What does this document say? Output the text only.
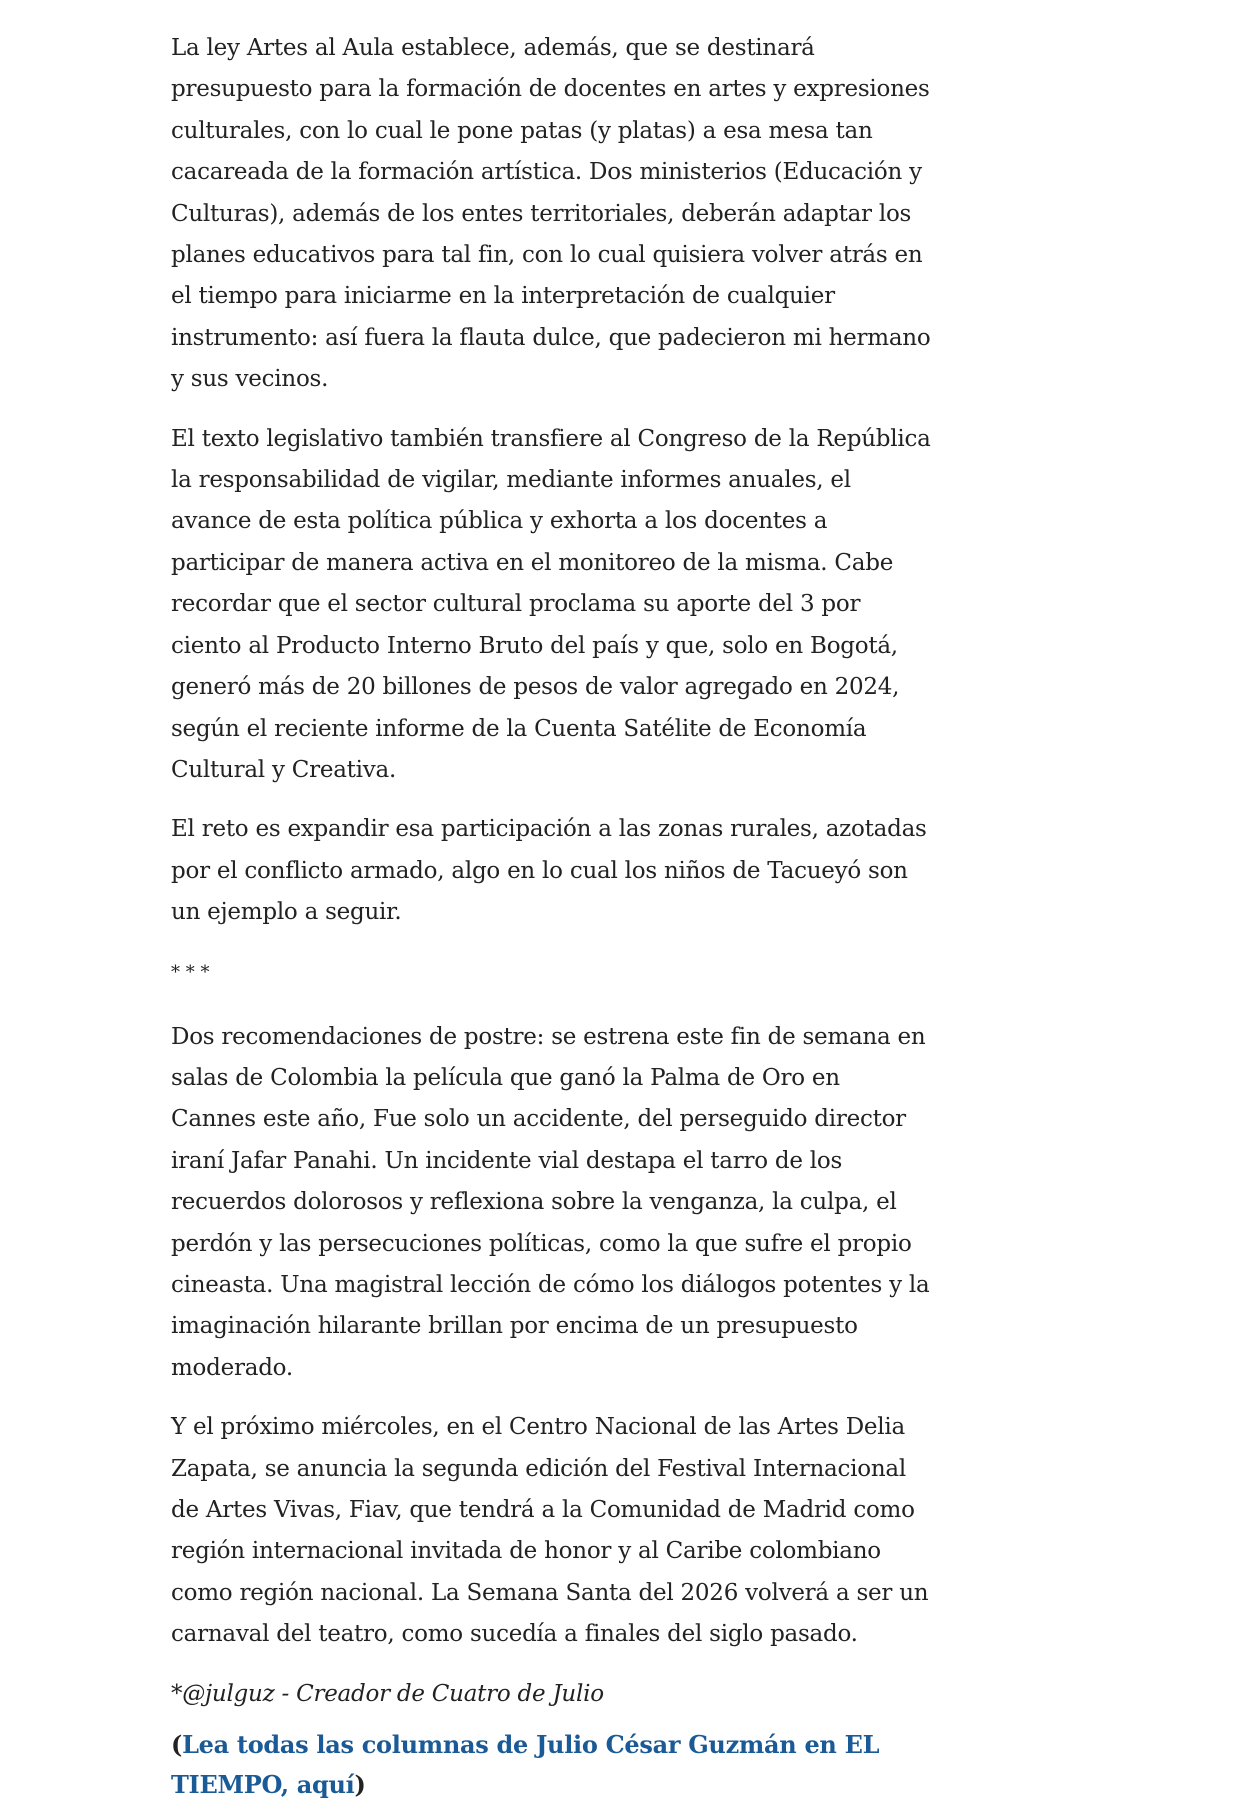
La ley Artes al Aula establece, además, que se destinará presupuesto para la formación de docentes en artes y expresiones culturales, con lo cual le pone patas (y platas) a esa mesa tan cacareada de la formación artística. Dos ministerios (Educación y Culturas), además de los entes territoriales, deberán adaptar los planes educativos para tal fin, con lo cual quisiera volver atrás en el tiempo para iniciarme en la interpretación de cualquier instrumento: así fuera la flauta dulce, que padecieron mi hermano y sus vecinos.

El texto legislativo también transfiere al Congreso de la República la responsabilidad de vigilar, mediante informes anuales, el avance de esta política pública y exhorta a los docentes a participar de manera activa en el monitoreo de la misma. Cabe recordar que el sector cultural proclama su aporte del 3 por ciento al Producto Interno Bruto del país y que, solo en Bogotá, generó más de 20 billones de pesos de valor agregado en 2024, según el reciente informe de la Cuenta Satélite de Economía Cultural y Creativa.

El reto es expandir esa participación a las zonas rurales, azotadas por el conflicto armado, algo en lo cual los niños de Tacueyó son un ejemplo a seguir.

* * *

Dos recomendaciones de postre: se estrena este fin de semana en salas de Colombia la película que ganó la Palma de Oro en Cannes este año, Fue solo un accidente, del perseguido director iraní Jafar Panahi. Un incidente vial destapa el tarro de los recuerdos dolorosos y reflexiona sobre la venganza, la culpa, el perdón y las persecuciones políticas, como la que sufre el propio cineasta. Una magistral lección de cómo los diálogos potentes y la imaginación hilarante brillan por encima de un presupuesto moderado.

Y el próximo miércoles, en el Centro Nacional de las Artes Delia Zapata, se anuncia la segunda edición del Festival Internacional de Artes Vivas, Fiav, que tendrá a la Comunidad de Madrid como región internacional invitada de honor y al Caribe colombiano como región nacional. La Semana Santa del 2026 volverá a ser un carnaval del teatro, como sucedía a finales del siglo pasado.

*@julguz - Creador de Cuatro de Julio

(Lea todas las columnas de Julio César Guzmán en EL TIEMPO, aquí)
